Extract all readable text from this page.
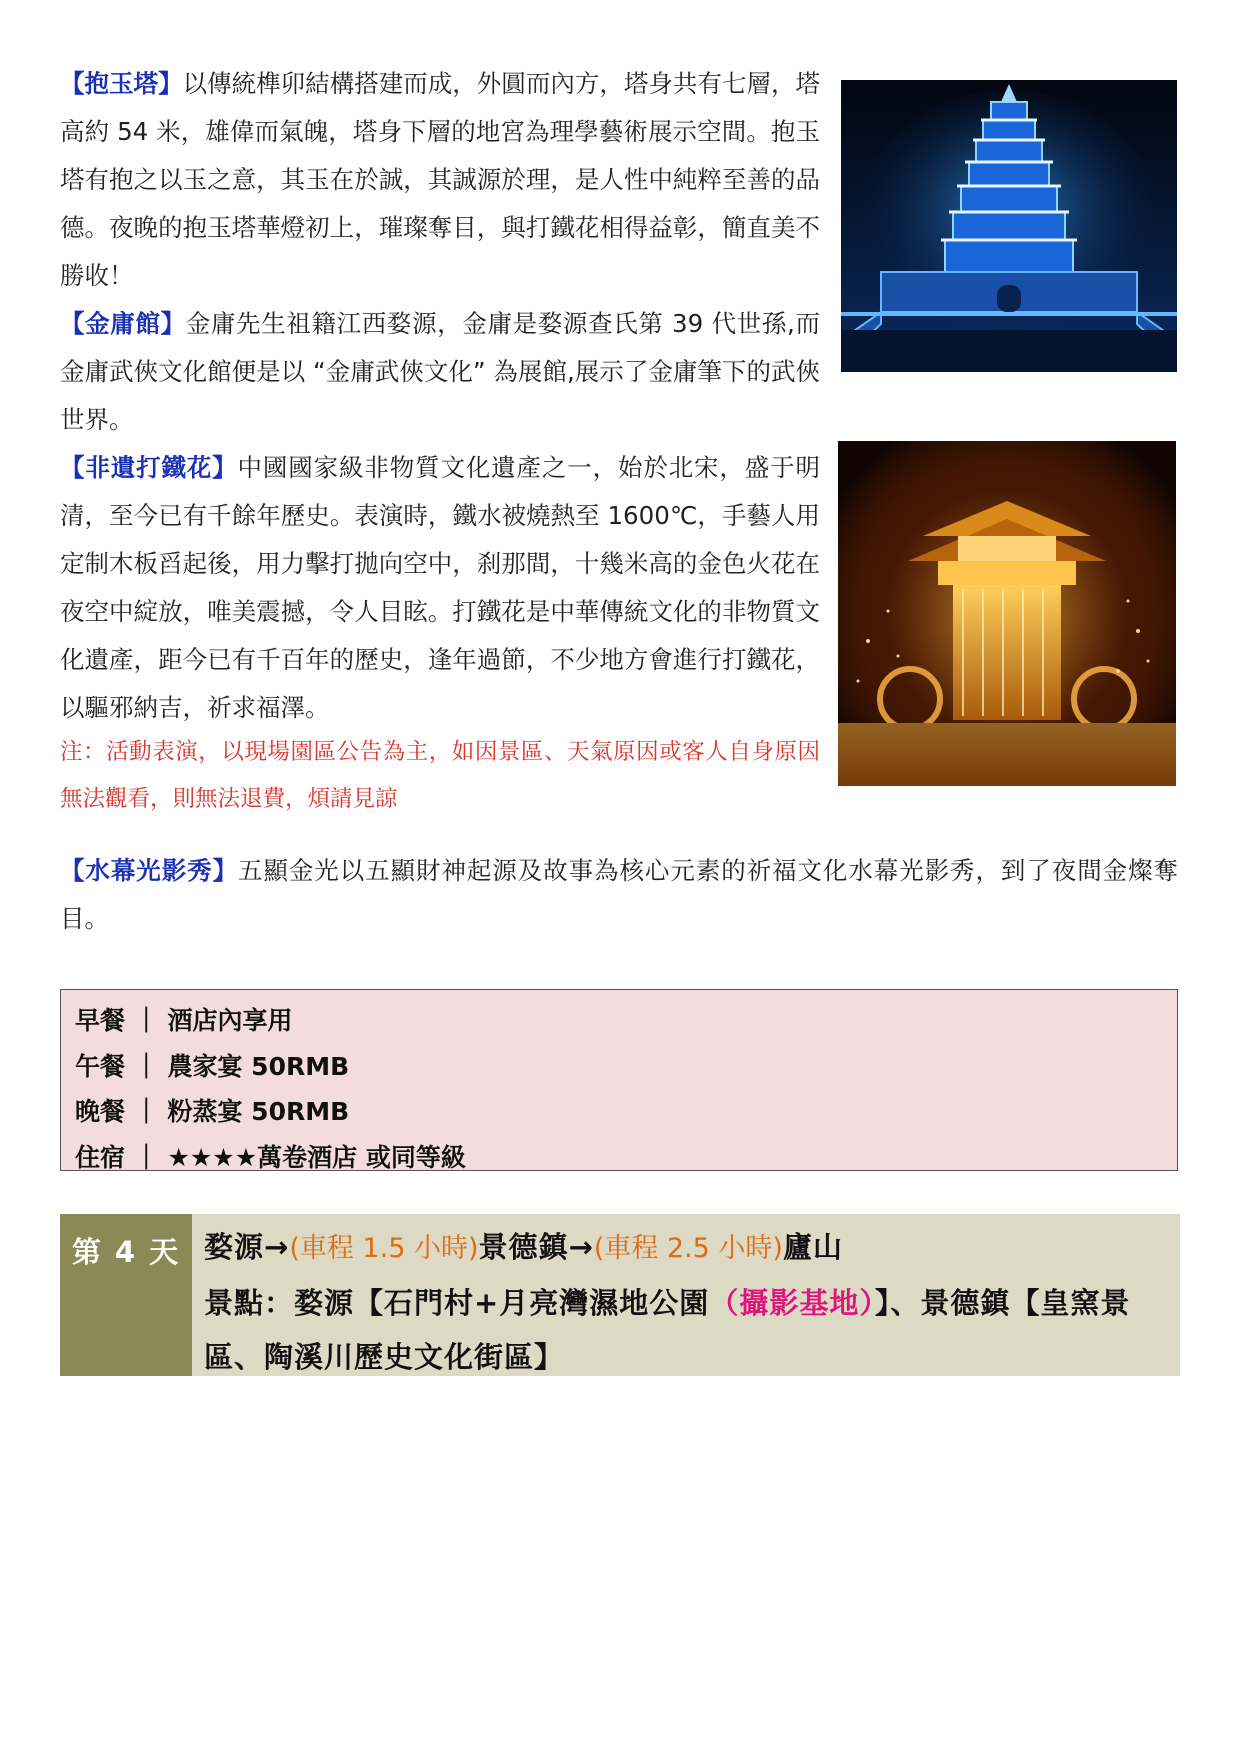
【抱玉塔】以傳統榫卯結構搭建而成，外圓而內方，塔身共有七層，塔高約 54 米，雄偉而氣魄，塔身下層的地宮為理學藝術展示空間。抱玉塔有抱之以玉之意，其玉在於誠，其誠源於理，是人性中純粹至善的品德。夜晚的抱玉塔華燈初上，璀璨奪目，與打鐵花相得益彰，簡直美不勝收！
【金庸館】金庸先生祖籍江西婺源，金庸是婺源查氏第 39 代世孫,而金庸武俠文化館便是以 “金庸武俠文化” 為展館,展示了金庸筆下的武俠世界。
【非遺打鐵花】中國國家級非物質文化遺產之一，始於北宋，盛于明清，至今已有千餘年歷史。表演時，鐵水被燒熱至 1600℃，手藝人用定制木板舀起後，用力擊打拋向空中，刹那間，十幾米高的金色火花在夜空中綻放，唯美震撼，令人目眩。打鐵花是中華傳統文化的非物質文化遺產，距今已有千百年的歷史，逢年過節，不少地方會進行打鐵花，以驅邪納吉，祈求福澤。
注：活動表演，以現場園區公告為主，如因景區、天氣原因或客人自身原因無法觀看，則無法退費，煩請見諒
【水幕光影秀】五顯金光以五顯財神起源及故事為核心元素的祈福文化水幕光影秀，到了夜間金燦奪目。
早餐 ｜ 酒店內享用
午餐 ｜ 農家宴 50RMB
晚餐 ｜ 粉蒸宴 50RMB
住宿 ｜ ★★★★萬卷酒店 或同等級
第 4 天 婺源→(車程 1.5 小時)景德鎮→(車程 2.5 小時)廬山
景點：婺源【石門村+月亮灣濕地公園（攝影基地）】、景德鎮【皇窯景區、陶溪川歷史文化街區】
